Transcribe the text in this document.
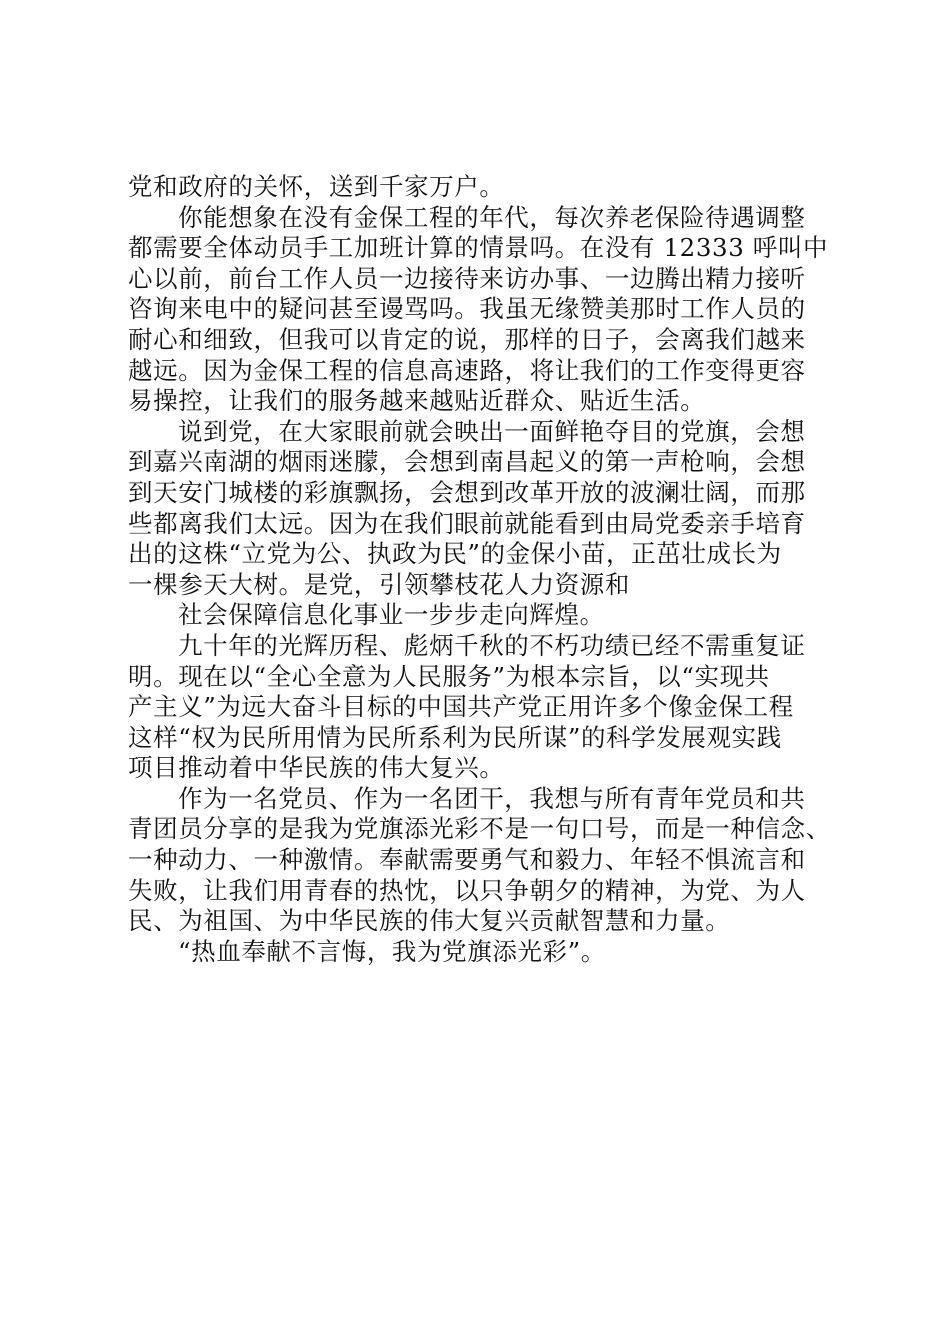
党和政府的关怀，送到千家万户。
你能想象在没有金保工程的年代，每次养老保险待遇调整
都需要全体动员手工加班计算的情景吗。在没有 12333 呼叫中
心以前，前台工作人员一边接待来访办事、一边腾出精力接听
咨询来电中的疑问甚至谩骂吗。我虽无缘赞美那时工作人员的
耐心和细致，但我可以肯定的说，那样的日子，会离我们越来
越远。因为金保工程的信息高速路，将让我们的工作变得更容
易操控，让我们的服务越来越贴近群众、贴近生活。
说到党，在大家眼前就会映出一面鲜艳夺目的党旗，会想
到嘉兴南湖的烟雨迷朦，会想到南昌起义的第一声枪响，会想
到天安门城楼的彩旗飘扬，会想到改革开放的波澜壮阔，而那
些都离我们太远。因为在我们眼前就能看到由局党委亲手培育
出的这株“立党为公、执政为民”的金保小苗，正茁壮成长为
一棵参天大树。是党，引领攀枝花人力资源和
社会保障信息化事业一步步走向辉煌。
九十年的光辉历程、彪炳千秋的不朽功绩已经不需重复证
明。现在以“全心全意为人民服务”为根本宗旨，以“实现共
产主义”为远大奋斗目标的中国共产党正用许多个像金保工程
这样“权为民所用情为民所系利为民所谋”的科学发展观实践
项目推动着中华民族的伟大复兴。
作为一名党员、作为一名团干，我想与所有青年党员和共
青团员分享的是我为党旗添光彩不是一句口号，而是一种信念、
一种动力、一种激情。奉献需要勇气和毅力、年轻不惧流言和
失败，让我们用青春的热忱，以只争朝夕的精神，为党、为人
民、为祖国、为中华民族的伟大复兴贡献智慧和力量。
“热血奉献不言悔，我为党旗添光彩”。
